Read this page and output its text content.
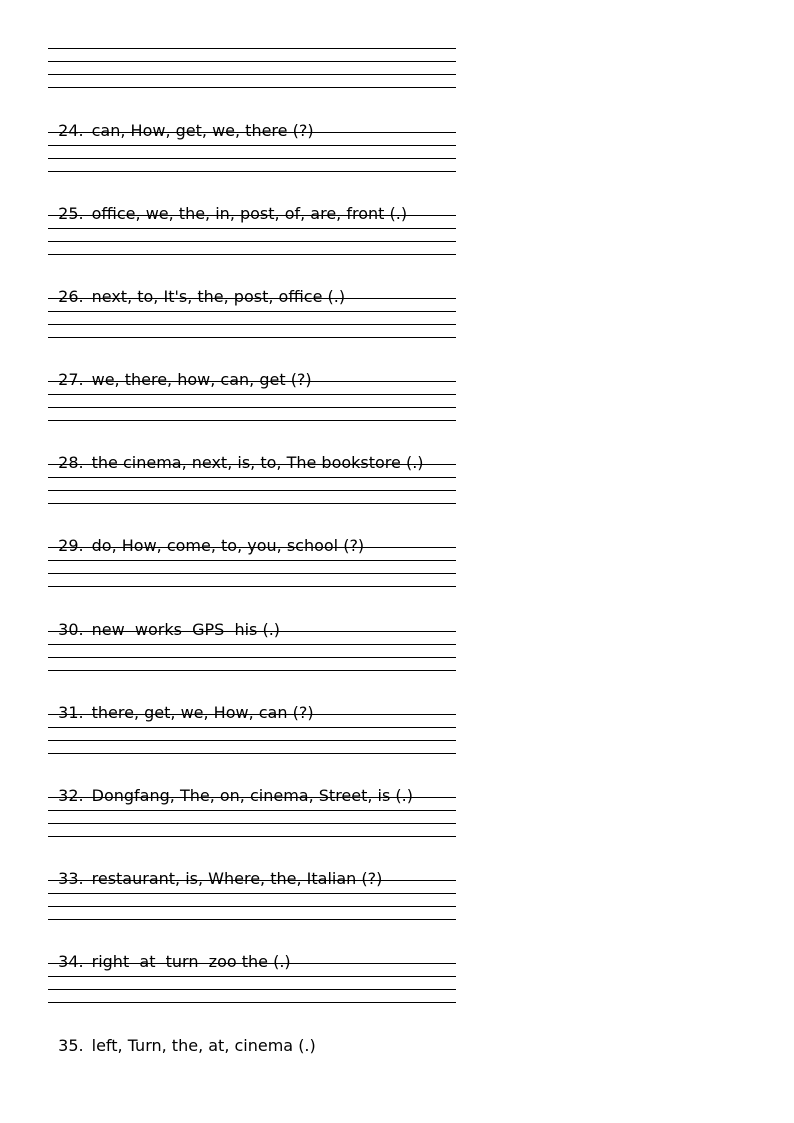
24. can, How, get, we, there (?)

25. office, we, the, in, post, of, are, front (.)

26. next, to, It's, the, post, office (.)

27. we, there, how, can, get (?)

28. the cinema, next, is, to, The bookstore (.)

29. do, How, come, to, you, school (?)

30. new  works  GPS  his (.)

31. there, get, we, How, can (?)

32. Dongfang, The, on, cinema, Street, is (.)

33. restaurant, is, Where, the, Italian (?)

34. right  at  turn  zoo the (.)

35. left, Turn, the, at, cinema (.)
